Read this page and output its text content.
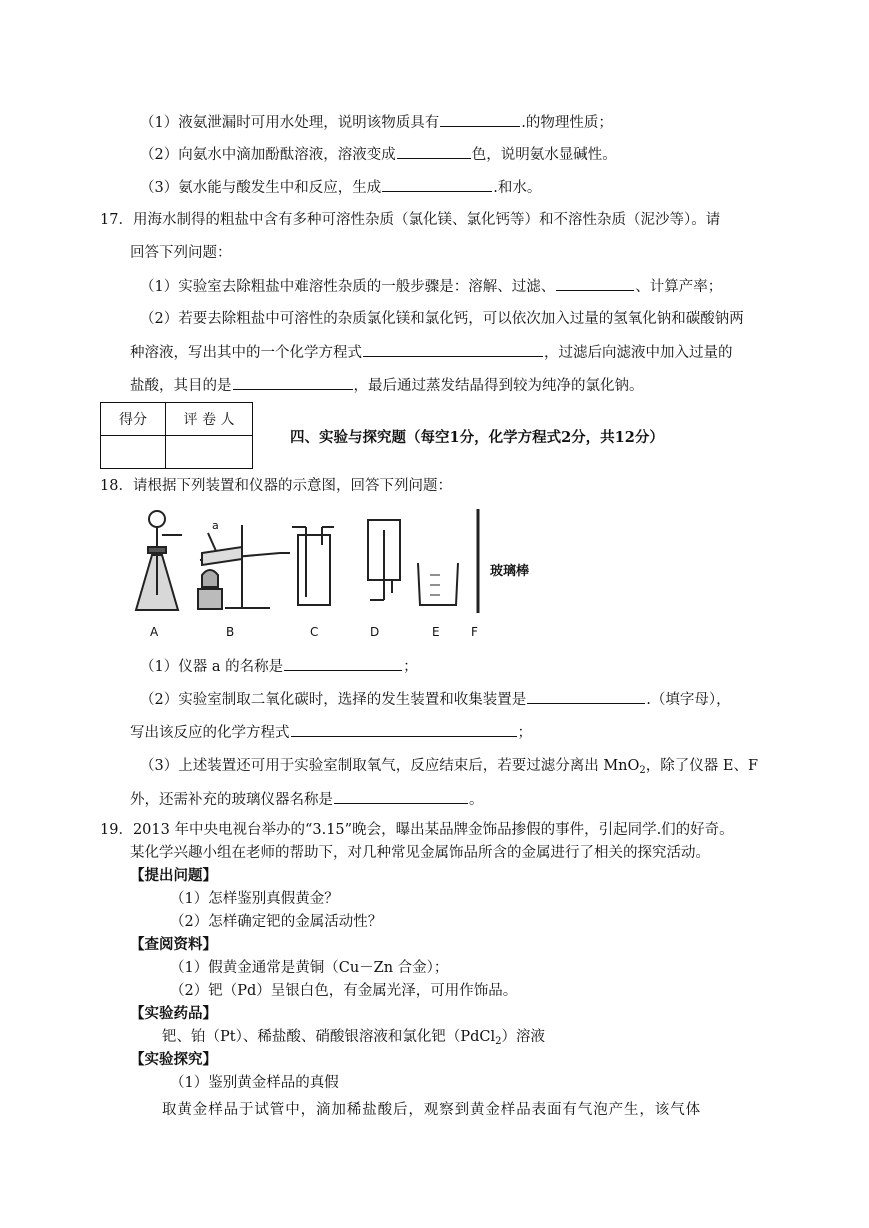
（1）液氨泄漏时可用水处理，说明该物质具有	.的物理性质；
（2）向氨水中滴加酚酞溶液，溶液变成	色，说明氨水显碱性。
（3）氨水能与酸发生中和反应，生成	.和水。
17．用海水制得的粗盐中含有多种可溶性杂质（氯化镁、氯化钙等）和不溶性杂质（泥沙等）。请
回答下列问题：
（1）实验室去除粗盐中难溶性杂质的一般步骤是：溶解、过滤、	、计算产率；
（2）若要去除粗盐中可溶性的杂质氯化镁和氯化钙，可以依次加入过量的氢氧化钠和碳酸钠两
种溶液，写出其中的一个化学方程式	，过滤后向滤液中加入过量的
盐酸，其目的是	，最后通过蒸发结晶得到较为纯净的氯化钠。
得分	评 卷 人

四、实验与探究题（每空1分，化学方程式2分，共12分）
18．请根据下列装置和仪器的示意图，回答下列问题：
a
玻璃棒
A	B	C	D	E	F
（1）仪器 a 的名称是	；
（2）实验室制取二氧化碳时，选择的发生装置和收集装置是	.（填字母），
写出该反应的化学方程式	；
（3）上述装置还可用于实验室制取氧气，反应结束后，若要过滤分离出 MnO$_2$，除了仪器 E、F
外，还需补充的玻璃仪器名称是	。
19．2013 年中央电视台举办的“3.15”晚会，曝出某品牌金饰品掺假的事件，引起同学.们的好奇。
某化学兴趣小组在老师的帮助下，对几种常见金属饰品所含的金属进行了相关的探究活动。
【提出问题】
（1）怎样鉴别真假黄金？
（2）怎样确定钯的金属活动性？
【查阅资料】
（1）假黄金通常是黄铜（Cu－Zn 合金）；
（2）钯（Pd）呈银白色，有金属光泽，可用作饰品。
【实验药品】
钯、铂（Pt）、稀盐酸、硝酸银溶液和氯化钯（PdCl$_2$）溶液
【实验探究】
（1）鉴别黄金样品的真假
取黄金样品于试管中，滴加稀盐酸后，观察到黄金样品表面有气泡产生，该气体
